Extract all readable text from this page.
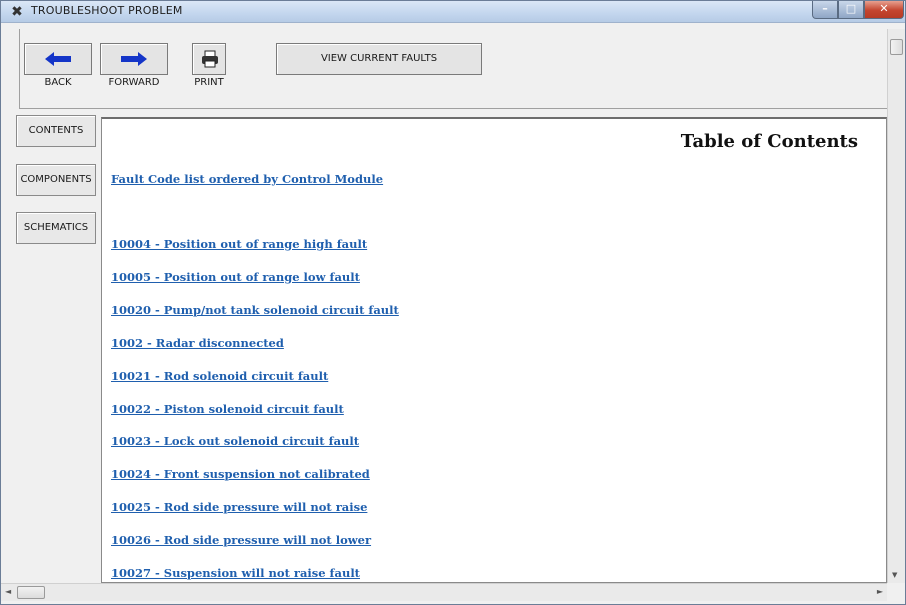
✖ TROUBLESHOOT PROBLEM	–	□	✕
BACK	FORWARD	PRINT
VIEW CURRENT FAULTS
CONTENTS
COMPONENTS
SCHEMATICS
Table of Contents
Fault Code list ordered by Control Module
10004 - Position out of range high fault
10005 - Position out of range low fault
10020 - Pump/not tank solenoid circuit fault
1002 - Radar disconnected
10021 - Rod solenoid circuit fault
10022 - Piston solenoid circuit fault
10023 - Lock out solenoid circuit fault
10024 - Front suspension not calibrated
10025 - Rod side pressure will not raise
10026 - Rod side pressure will not lower
10027 - Suspension will not raise fault	▼
◄	►
